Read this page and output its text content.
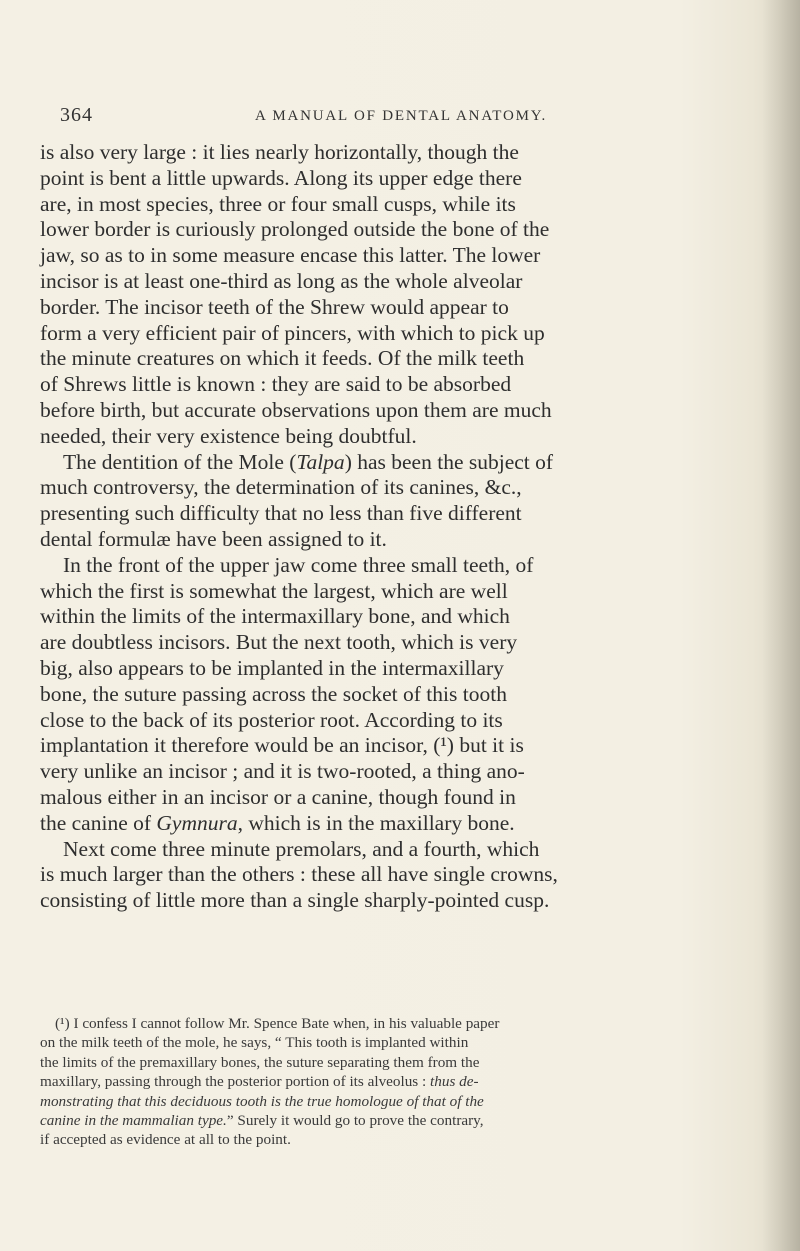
364	A MANUAL OF DENTAL ANATOMY.
is also very large : it lies nearly horizontally, though the
point is bent a little upwards. Along its upper edge there
are, in most species, three or four small cusps, while its
lower border is curiously prolonged outside the bone of the
jaw, so as to in some measure encase this latter. The lower
incisor is at least one-third as long as the whole alveolar
border. The incisor teeth of the Shrew would appear to
form a very efficient pair of pincers, with which to pick up
the minute creatures on which it feeds. Of the milk teeth
of Shrews little is known : they are said to be absorbed
before birth, but accurate observations upon them are much
needed, their very existence being doubtful.
The dentition of the Mole (Talpa) has been the subject of
much controversy, the determination of its canines, &c.,
presenting such difficulty that no less than five different
dental formulæ have been assigned to it.
In the front of the upper jaw come three small teeth, of
which the first is somewhat the largest, which are well
within the limits of the intermaxillary bone, and which
are doubtless incisors. But the next tooth, which is very
big, also appears to be implanted in the intermaxillary
bone, the suture passing across the socket of this tooth
close to the back of its posterior root. According to its
implantation it therefore would be an incisor, (¹) but it is
very unlike an incisor ; and it is two-rooted, a thing ano-
malous either in an incisor or a canine, though found in
the canine of Gymnura, which is in the maxillary bone.
Next come three minute premolars, and a fourth, which
is much larger than the others : these all have single crowns,
consisting of little more than a single sharply-pointed cusp.
(¹) I confess I cannot follow Mr. Spence Bate when, in his valuable paper
on the milk teeth of the mole, he says, “ This tooth is implanted within
the limits of the premaxillary bones, the suture separating them from the
maxillary, passing through the posterior portion of its alveolus : thus de-
monstrating that this deciduous tooth is the true homologue of that of the
canine in the mammalian type.” Surely it would go to prove the contrary,
if accepted as evidence at all to the point.
